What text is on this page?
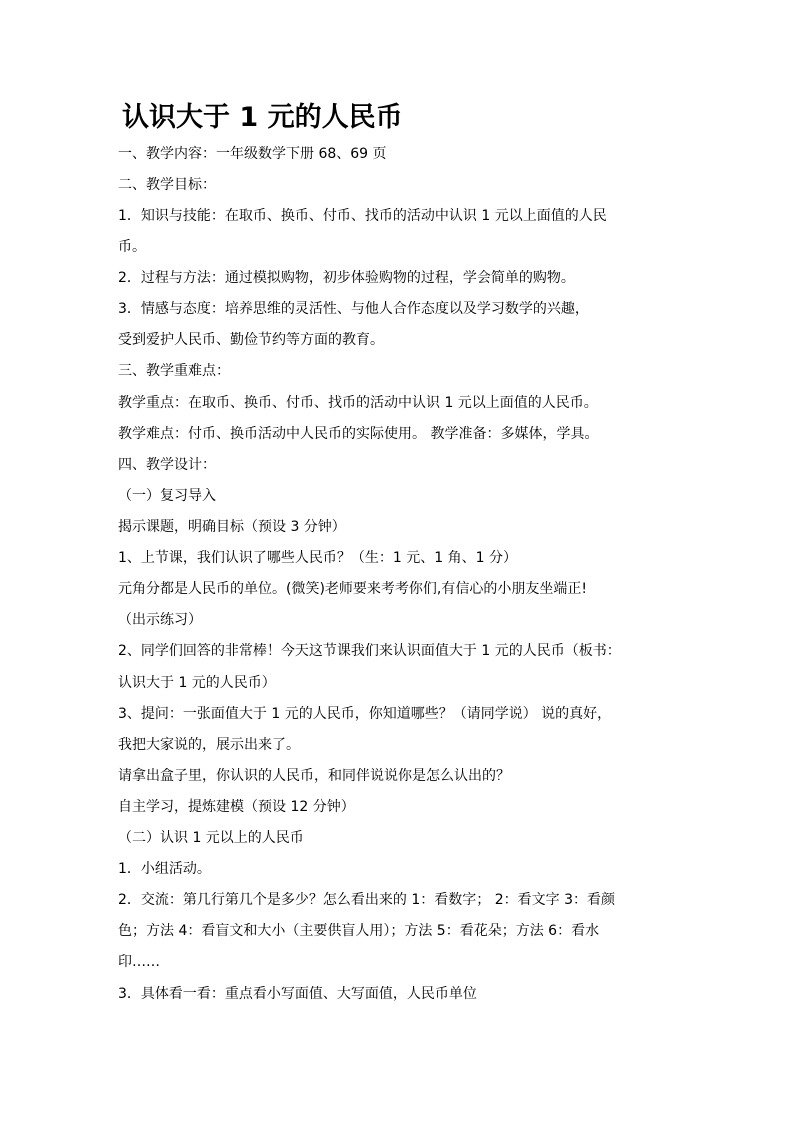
认识大于 1 元的人民币

一、教学内容：一年级数学下册 68、69 页

二、教学目标：

1．知识与技能：在取币、换币、付币、找币的活动中认识 1 元以上面值的人民

币。

2．过程与方法：通过模拟购物，初步体验购物的过程，学会简单的购物。

3．情感与态度：培养思维的灵活性、与他人合作态度以及学习数学的兴趣，

受到爱护人民币、勤俭节约等方面的教育。

三、教学重难点：

教学重点：在取币、换币、付币、找币的活动中认识 1 元以上面值的人民币。

教学难点：付币、换币活动中人民币的实际使用。 教学准备：多媒体，学具。

四、教学设计：

（一）复习导入

揭示课题，明确目标（预设 3 分钟）

1、上节课，我们认识了哪些人民币？（生：1 元、1 角、1 分）

元角分都是人民币的单位。(微笑)老师要来考考你们,有信心的小朋友坐端正!

（出示练习）

2、同学们回答的非常棒！今天这节课我们来认识面值大于 1 元的人民币（板书：

认识大于 1 元的人民币）

3、提问：一张面值大于 1 元的人民币，你知道哪些？（请同学说） 说的真好，

我把大家说的，展示出来了。

请拿出盒子里，你认识的人民币，和同伴说说你是怎么认出的？

自主学习，提炼建模（预设 12 分钟）

（二）认识 1 元以上的人民币

1．小组活动。

2．交流：第几行第几个是多少？怎么看出来的 1：看数字； 2：看文字 3：看颜

色；方法 4：看盲文和大小（主要供盲人用）；方法 5：看花朵；方法 6：看水

印……

3．具体看一看：重点看小写面值、大写面值，人民币单位
